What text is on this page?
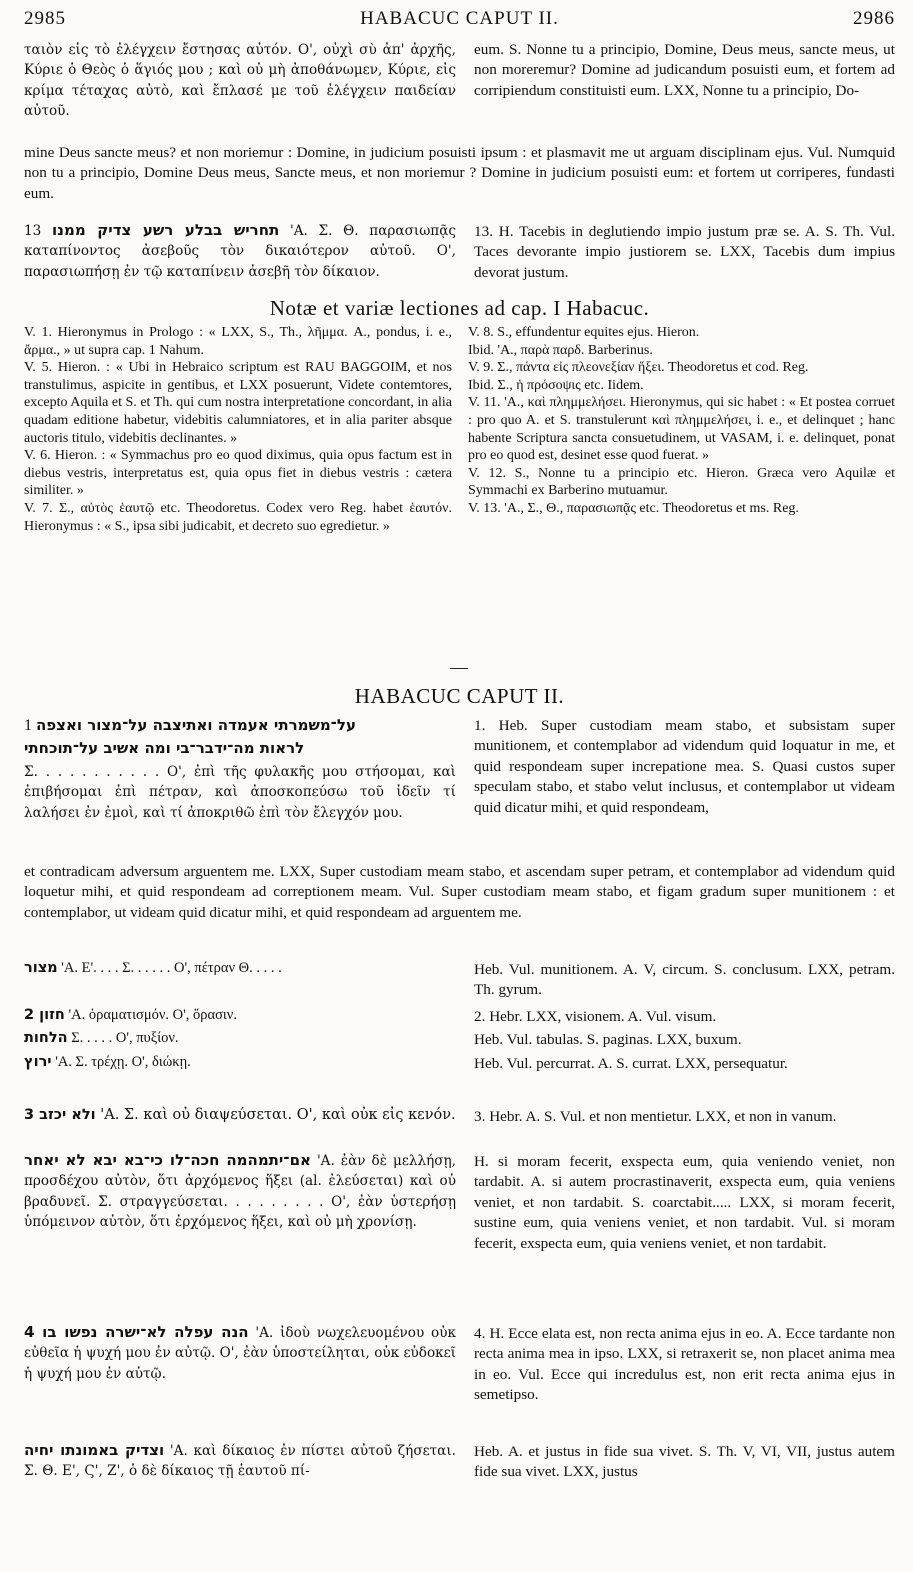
2985	HABACUC CAPUT II.	2986
ταιὸν εἰς τὸ ἐλέγχειν ἔστησας αὐτόν. Ο', οὐχὶ σὺ ἀπ' ἀρχῆς, Κύριε ὁ Θεὸς ὁ ἅγιός μου ; καὶ οὐ μὴ ἀποθάνωμεν, Κύριε, εἰς κρίμα τέταχας αὐτὸ, καὶ ἔπλασέ με τοῦ ἐλέγχειν παιδείαν αὐτοῦ.
eum. S. Nonne tu a principio, Domine, Deus meus, sancte meus, ut non moreremur? Domine ad judicandum posuisti eum, et fortem ad corripiendum constituisti eum. LXX, Nonne tu a principio, Do-
mine Deus sancte meus? et non moriemur : Domine, in judicium posuisti ipsum : et plasmavit me ut arguam disciplinam ejus. Vul. Numquid non tu a principio, Domine Deus meus, Sancte meus, et non moriemur ? Domine in judicium posuisti eum: et fortem ut corriperes, fundasti eum.
תחריש בבלע רשע צדיק ממנו 13	'Α. Σ. Θ. παρασιωπᾷς καταπίνοντος ἀσεβοῦς τὸν δικαιότερον αὐτοῦ. Ο', παρασιωπήσῃ ἐν τῷ καταπίνειν ἀσεβῆ τὸν δίκαιον.
13. H. Tacebis in deglutiendo impio justum præ se. A. S. Th. Vul. Taces devorante impio justiorem se. LXX, Tacebis dum impius devorat justum.
Notæ et variæ lectiones ad cap. I Habacuc.

V. 1. Hieronymus in Prologo : « LXX, S., Th., λῆμμα. A., pondus, i. e., ἄρμα., » ut supra cap. 1 Nahum.

V. 5. Hieron. : « Ubi in Hebraico scriptum est RAU BAGGOIM, et nos transtulimus, aspicite in gentibus, et LXX posuerunt, Videte contemtores, excepto Aquila et S. et Th. qui cum nostra interpretatione concordant, in alia quadam editione habetur, videbitis calumniatores, et in alia pariter absque auctoris titulo, videbitis declinantes. »

V. 6. Hieron. : « Symmachus pro eo quod diximus, quia opus factum est in diebus vestris, interpretatus est, quia opus fiet in diebus vestris : cætera similiter. »

V. 7. Σ., αὐτὸς ἑαυτῷ etc. Theodoretus. Codex vero Reg. habet ἑαυτόν. Hieronymus : « S., ipsa sibi judicabit, et decreto suo egredietur. »

V. 8. S., effundentur equites ejus. Hieron.

Ibid. 'Α., παρὰ παρδ. Barberinus.

V. 9. Σ., πάντα εἰς πλεονεξίαν ἥξει. Theodoretus et cod. Reg.

Ibid. Σ., ἡ πρόσοψις etc. Iidem.

V. 11. 'Α., καὶ πλημμελήσει. Hieronymus, qui sic habet : « Et postea corruet : pro quo A. et S. transtulerunt καὶ πλημμελήσει, i. e., et delinquet ; hanc habente Scriptura sancta consuetudinem, ut VASAM, i. e. delinquet, ponat pro eo quod est, desinet esse quod fuerat. »

V. 12. S., Nonne tu a principio etc. Hieron. Græca vero Aquilæ et Symmachi ex Barberino mutuamur.

V. 13. 'Α., Σ., Θ., παρασιωπᾷς etc. Theodoretus et ms. Reg.

HABACUC CAPUT II.
על־משמרתי אעמדה ואתיצבה על־מצור ואצפה 1
לראות מה־ידבר־בי ומה אשיב על־תוכחתי
Σ. . . . . . . . . . . Ο', ἐπὶ τῆς φυλακῆς μου στήσομαι, καὶ ἐπιβήσομαι ἐπὶ πέτραν, καὶ ἀποσκοπεύσω τοῦ ἰδεῖν τί λαλήσει ἐν ἐμοὶ, καὶ τί ἀποκριθῶ ἐπὶ τὸν ἔλεγχόν μου.
1. Heb. Super custodiam meam stabo, et subsistam super munitionem, et contemplabor ad videndum quid loquatur in me, et quid respondeam super increpatione mea. S. Quasi custos super speculam stabo, et stabo velut inclusus, et contemplabor ut videam quid dicatur mihi, et quid respondeam,
et contradicam adversum arguentem me. LXX, Super custodiam meam stabo, et ascendam super petram, et contemplabor ad videndum quid loquetur mihi, et quid respondeam ad correptionem meam. Vul. Super custodiam meam stabo, et figam gradum super munitionem : et contemplabor, ut videam quid dicatur mihi, et quid respondeam ad arguentem me.
מצור 'Α. Ε'. . . . Σ. . . . . . Ο', πέτραν Θ. . . . .	Heb. Vul. munitionem. A. V, circum. S. conclusum. LXX, petram. Th. gyrum.
חזון 2 'Α. ὁραματισμόν. Ο', ὅρασιν.	2. Hebr. LXX, visionem. A. Vul. visum.
הלחות Σ. . . . . Ο', πυξίον.	Heb. Vul. tabulas. S. paginas. LXX, buxum.
ירוץ 'Α. Σ. τρέχῃ. Ο', διώκῃ.	Heb. Vul. percurrat. A. S. currat. LXX, persequatur.
ולא יכזב 3 'Α. Σ. καὶ οὐ διαψεύσεται. Ο', καὶ οὐκ εἰς κενόν. 3. Hebr. A. S. Vul. et non mentietur. LXX, et non in vanum.
אם־יתמהמה חכה־לו כי־בא יבא לא יאחר 'Α. ἐὰν δὲ μελλήσῃ, προσδέχου αὐτὸν, ὅτι ἀρχόμενος ἥξει (al. ἐλεύσεται) καὶ οὐ βραδυνεῖ. Σ. στραγγεύσεται. . . . . . . . . Ο', ἐὰν ὑστερήσῃ ὑπόμεινον αὐτὸν, ὅτι ἐρχόμενος ἥξει, καὶ οὐ μὴ χρονίσῃ.
H. si moram fecerit, exspecta eum, quia veniendo veniet, non tardabit. A. si autem procrastinaverit, exspecta eum, quia veniens veniet, et non tardabit. S. coarctabit..... LXX, si moram fecerit, sustine eum, quia veniens veniet, et non tardabit. Vul. si moram fecerit, exspecta eum, quia veniens veniet, et non tardabit.
הנה עפלה לא־ישרה נפשו בו 4 'Α. ἰδοὺ νωχελευομένου οὐκ εὐθεῖα ἡ ψυχή μου ἐν αὐτῷ. Ο', ἐὰν ὑποστείληται, οὐκ εὐδοκεῖ ἡ ψυχή μου ἐν αὐτῷ.
4. H. Ecce elata est, non recta anima ejus in eo. A. Ecce tardante non recta anima mea in ipso. LXX, si retraxerit se, non placet anima mea in eo. Vul. Ecce qui incredulus est, non erit recta anima ejus in semetipso.
וצדיק באמונתו יחיה 'Α. καὶ δίκαιος ἐν πίστει αὐτοῦ ζήσεται. Σ. Θ. Ε', Ϛ', Ζ', ὁ δὲ δίκαιος τῇ ἑαυτοῦ πί-
Heb. A. et justus in fide sua vivet. S. Th. V, VI, VII, justus autem fide sua vivet. LXX, justus
